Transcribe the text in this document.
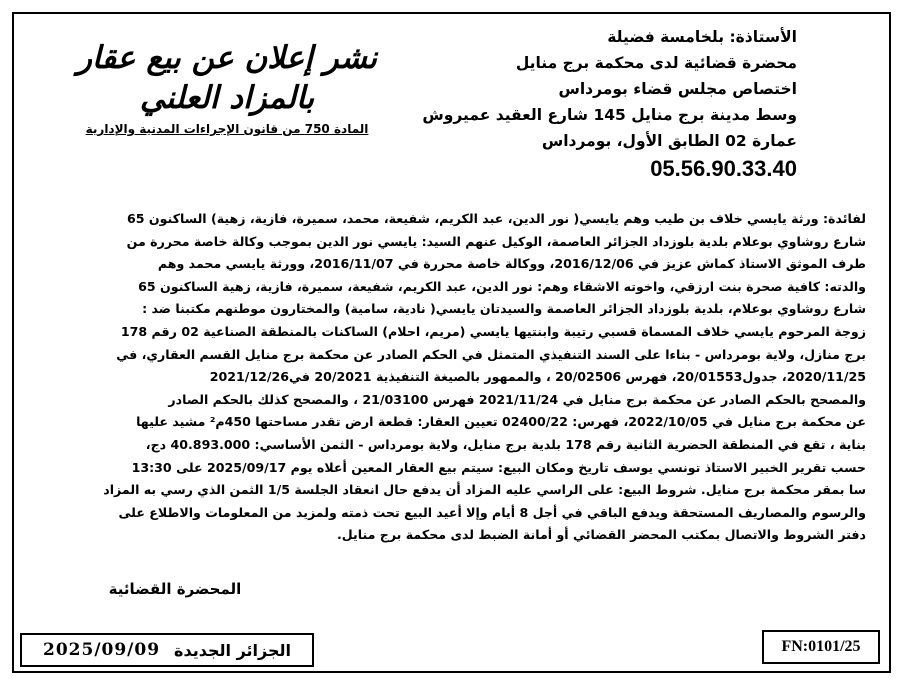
الأستاذة: بلخامسة فضيلة
محضرة قضائية لدى محكمة برج منايل
اختصاص مجلس قضاء بومرداس
وسط مدينة برج منايل 145 شارع العقيد عميروش
عمارة 02 الطابق الأول، بومرداس
05.56.90.33.40
نشر إعلان عن بيع عقار
بالمزاد العلني
المادة 750 من قانون الإجراءات المدنية والإدارية
لفائدة: ورثة يايسي خلاف بن طيب وهم يايسي( نور الدين، عبد الكريم، شفيعة، محمد، سميرة، فازية، زهية) الساكنون 65
شارع روشاوي بوعلام بلدية بلوزداد الجزائر العاصمة، الوكيل عنهم السيد: يايسي نور الدين بموجب وكالة خاصة محررة من
طرف الموثق الاستاذ كماش عزيز في 2016/12/06، ووكالة خاصة محررة في 2016/11/07، وورثة يايسي محمد وهم
والدته: كافية صحرة بنت ارزقي، واخوته الاشقاء وهم: نور الدين، عبد الكريم، شفيعة، سميرة، فازية، زهية الساكنون 65
شارع روشاوي بوعلام، بلدية بلوزداد الجزائر العاصمة والسيدتان يايسي( نادية، سامية) والمختارون موطنهم مكتبنا ضد :
زوجة المرحوم يايسي خلاف المسماة قسبي رتيبة وابنتيها يايسي (مريم، احلام) الساكنات بالمنطقة الصناعية 02 رقم 178
برج منازل، ولاية بومرداس - بناءا على السند التنفيذي المتمثل في الحكم الصادر عن محكمة برج منايل القسم العقاري، في
2020/11/25، جدول20/01553، فهرس 20/02506 ، والممهور بالصيغة التنفيذية 20/2021 في2021/12/26
والمصحح بالحكم الصادر عن محكمة برج منايل في 2021/11/24 فهرس 21/03100 ، والمصحح كذلك بالحكم الصادر
عن محكمة برج منايل في 2022/10/05، فهرس: 02400/22 تعيين العقار: قطعة ارض تقدر مساحتها 450م² مشيد عليها
بناية ، تقع في المنطقة الحضرية الثانية رقم 178 بلدية برج منايل، ولاية بومرداس - الثمن الأساسي: 40.893.000 دج،
حسب تقرير الخبير الاستاذ تونسي يوسف تاريخ ومكان البيع: سيتم بيع العقار المعين أعلاه يوم 2025/09/17 على 13:30
سا بمقر محكمة برج منايل. شروط البيع: على الراسي عليه المزاد أن يدفع حال انعقاد الجلسة 1/5 الثمن الذي رسي به المزاد
والرسوم والمصاريف المستحقة ويدفع الباقي في أجل 8 أيام وإلا أعيد البيع تحت ذمته ولمزيد من المعلومات والاطلاع على
دفتر الشروط والاتصال بمكتب المحضر القضائي أو أمانة الضبط لدى محكمة برج منايل.
المحضرة القضائية
2025/09/09 الجزائر الجديدة	FN:0101/25
